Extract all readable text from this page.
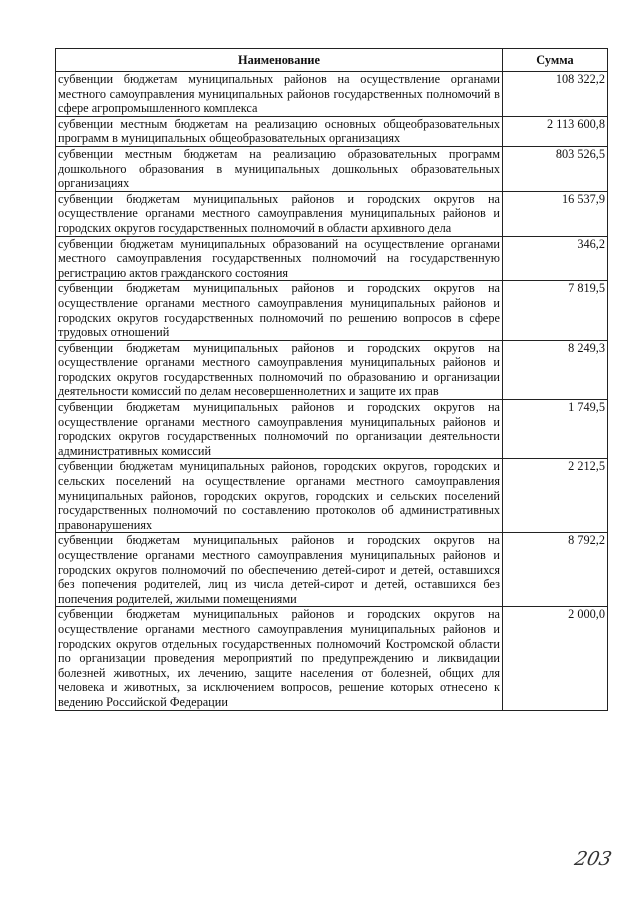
Наименование	Сумма
субвенции бюджетам муниципальных районов на осуществление органами местного самоуправления муниципальных районов государственных полномочий в сфере агропромышленного комплекса	108 322,2
субвенции местным бюджетам на реализацию основных общеобразовательных программ в муниципальных общеобразовательных организациях	2 113 600,8
субвенции местным бюджетам на реализацию образовательных программ дошкольного образования в муниципальных дошкольных образовательных организациях	803 526,5
субвенции бюджетам муниципальных районов и городских округов на осуществление органами местного самоуправления муниципальных районов и городских округов государственных полномочий в области архивного дела	16 537,9
субвенции бюджетам муниципальных образований на осуществление органами местного самоуправления государственных полномочий на государственную регистрацию актов гражданского состояния	346,2
субвенции бюджетам муниципальных районов и городских округов на осуществление органами местного самоуправления муниципальных районов и городских округов государственных полномочий по решению вопросов в сфере трудовых отношений	7 819,5
субвенции бюджетам муниципальных районов и городских округов на осуществление органами местного самоуправления муниципальных районов и городских округов государственных полномочий по образованию и организации деятельности комиссий по делам несовершеннолетних и защите их прав	8 249,3
субвенции бюджетам муниципальных районов и городских округов на осуществление органами местного самоуправления муниципальных районов и городских округов государственных полномочий по организации деятельности административных комиссий	1 749,5
субвенции бюджетам муниципальных районов, городских округов, городских и сельских поселений на осуществление органами местного самоуправления муниципальных районов, городских округов, городских и сельских поселений государственных полномочий по составлению протоколов об административных правонарушениях	2 212,5
субвенции бюджетам муниципальных районов и городских округов на осуществление органами местного самоуправления муниципальных районов и городских округов полномочий по обеспечению детей-сирот и детей, оставшихся без попечения родителей, лиц из числа детей-сирот и детей, оставшихся без попечения родителей, жилыми помещениями	8 792,2
субвенции бюджетам муниципальных районов и городских округов на осуществление органами местного самоуправления муниципальных районов и городских округов отдельных государственных полномочий Костромской области по организации проведения мероприятий по предупреждению и ликвидации болезней животных, их лечению, защите населения от болезней, общих для человека и животных, за исключением вопросов, решение которых отнесено к ведению Российской Федерации	2 000,0
203
